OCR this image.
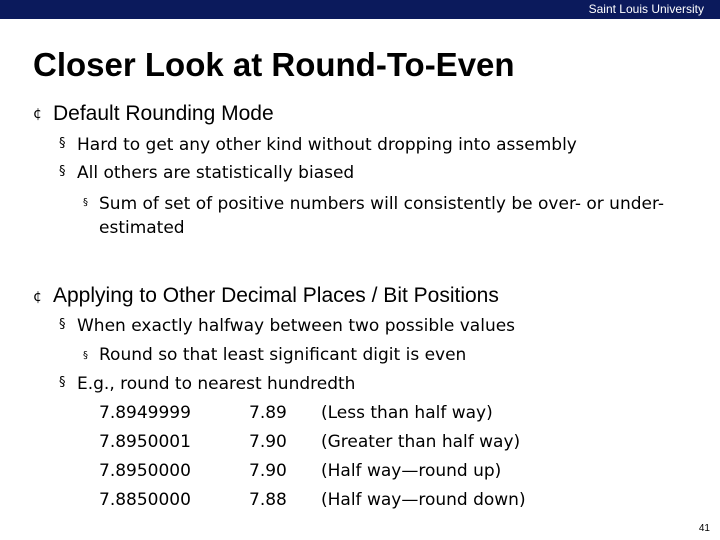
Saint Louis University
Closer Look at Round-To-Even
¢ Default Rounding Mode
§ Hard to get any other kind without dropping into assembly
§ All others are statistically biased
§ Sum of set of positive numbers will consistently be over- or under-
estimated
¢ Applying to Other Decimal Places / Bit Positions
§ When exactly halfway between two possible values
§ Round so that least significant digit is even
§ E.g., round to nearest hundredth
7.8949999	7.89 (Less than half way)
7.8950001	7.90 (Greater than half way)
7.8950000	7.90 (Half way—round up)
7.8850000	7.88 (Half way—round down)
41
